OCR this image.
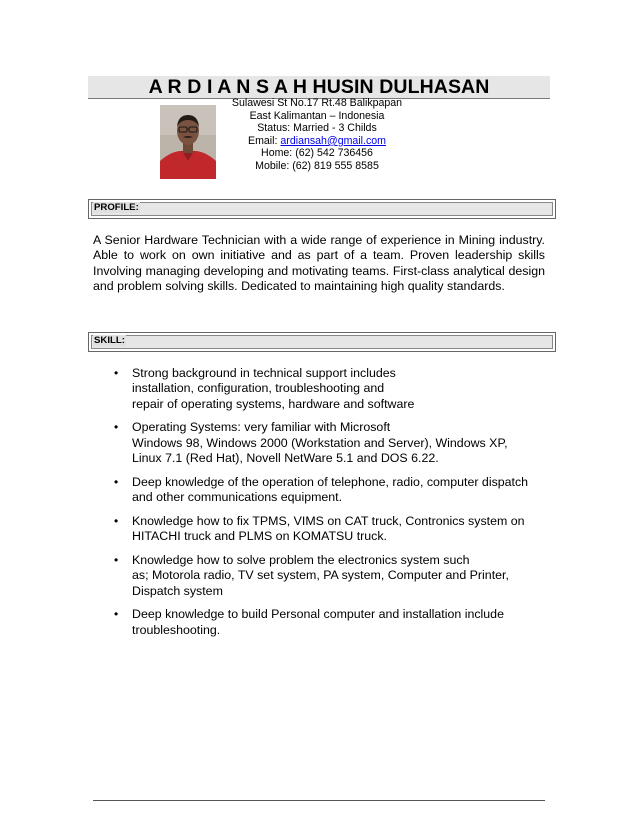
A R D I A N S A H HUSIN DULHASAN
Sulawesi St No.17 Rt.48 Balikpapan
East Kalimantan – Indonesia
Status: Married - 3 Childs
Email: ardiansah@gmail.com
Home: (62) 542 736456
Mobile: (62) 819 555 8585
PROFILE:

A Senior Hardware Technician with a wide range of experience in Mining industry. Able to work on own initiative and as part of a team. Proven leadership skills Involving managing developing and motivating teams. First-class analytical design and problem solving skills. Dedicated to maintaining high quality standards.

SKILL:
• Strong background in technical support includes
installation, configuration, troubleshooting and
repair of operating systems, hardware and software
• Operating Systems: very familiar with Microsoft
Windows 98, Windows 2000 (Workstation and Server), Windows XP,
Linux 7.1 (Red Hat), Novell NetWare 5.1 and DOS 6.22.
• Deep knowledge of the operation of telephone, radio, computer dispatch
and other communications equipment.
• Knowledge how to fix TPMS, VIMS on CAT truck, Contronics system on
HITACHI truck and PLMS on KOMATSU truck.
• Knowledge how to solve problem the electronics system such
as; Motorola radio, TV set system, PA system, Computer and Printer,
Dispatch system
• Deep knowledge to build Personal computer and installation include
troubleshooting.
